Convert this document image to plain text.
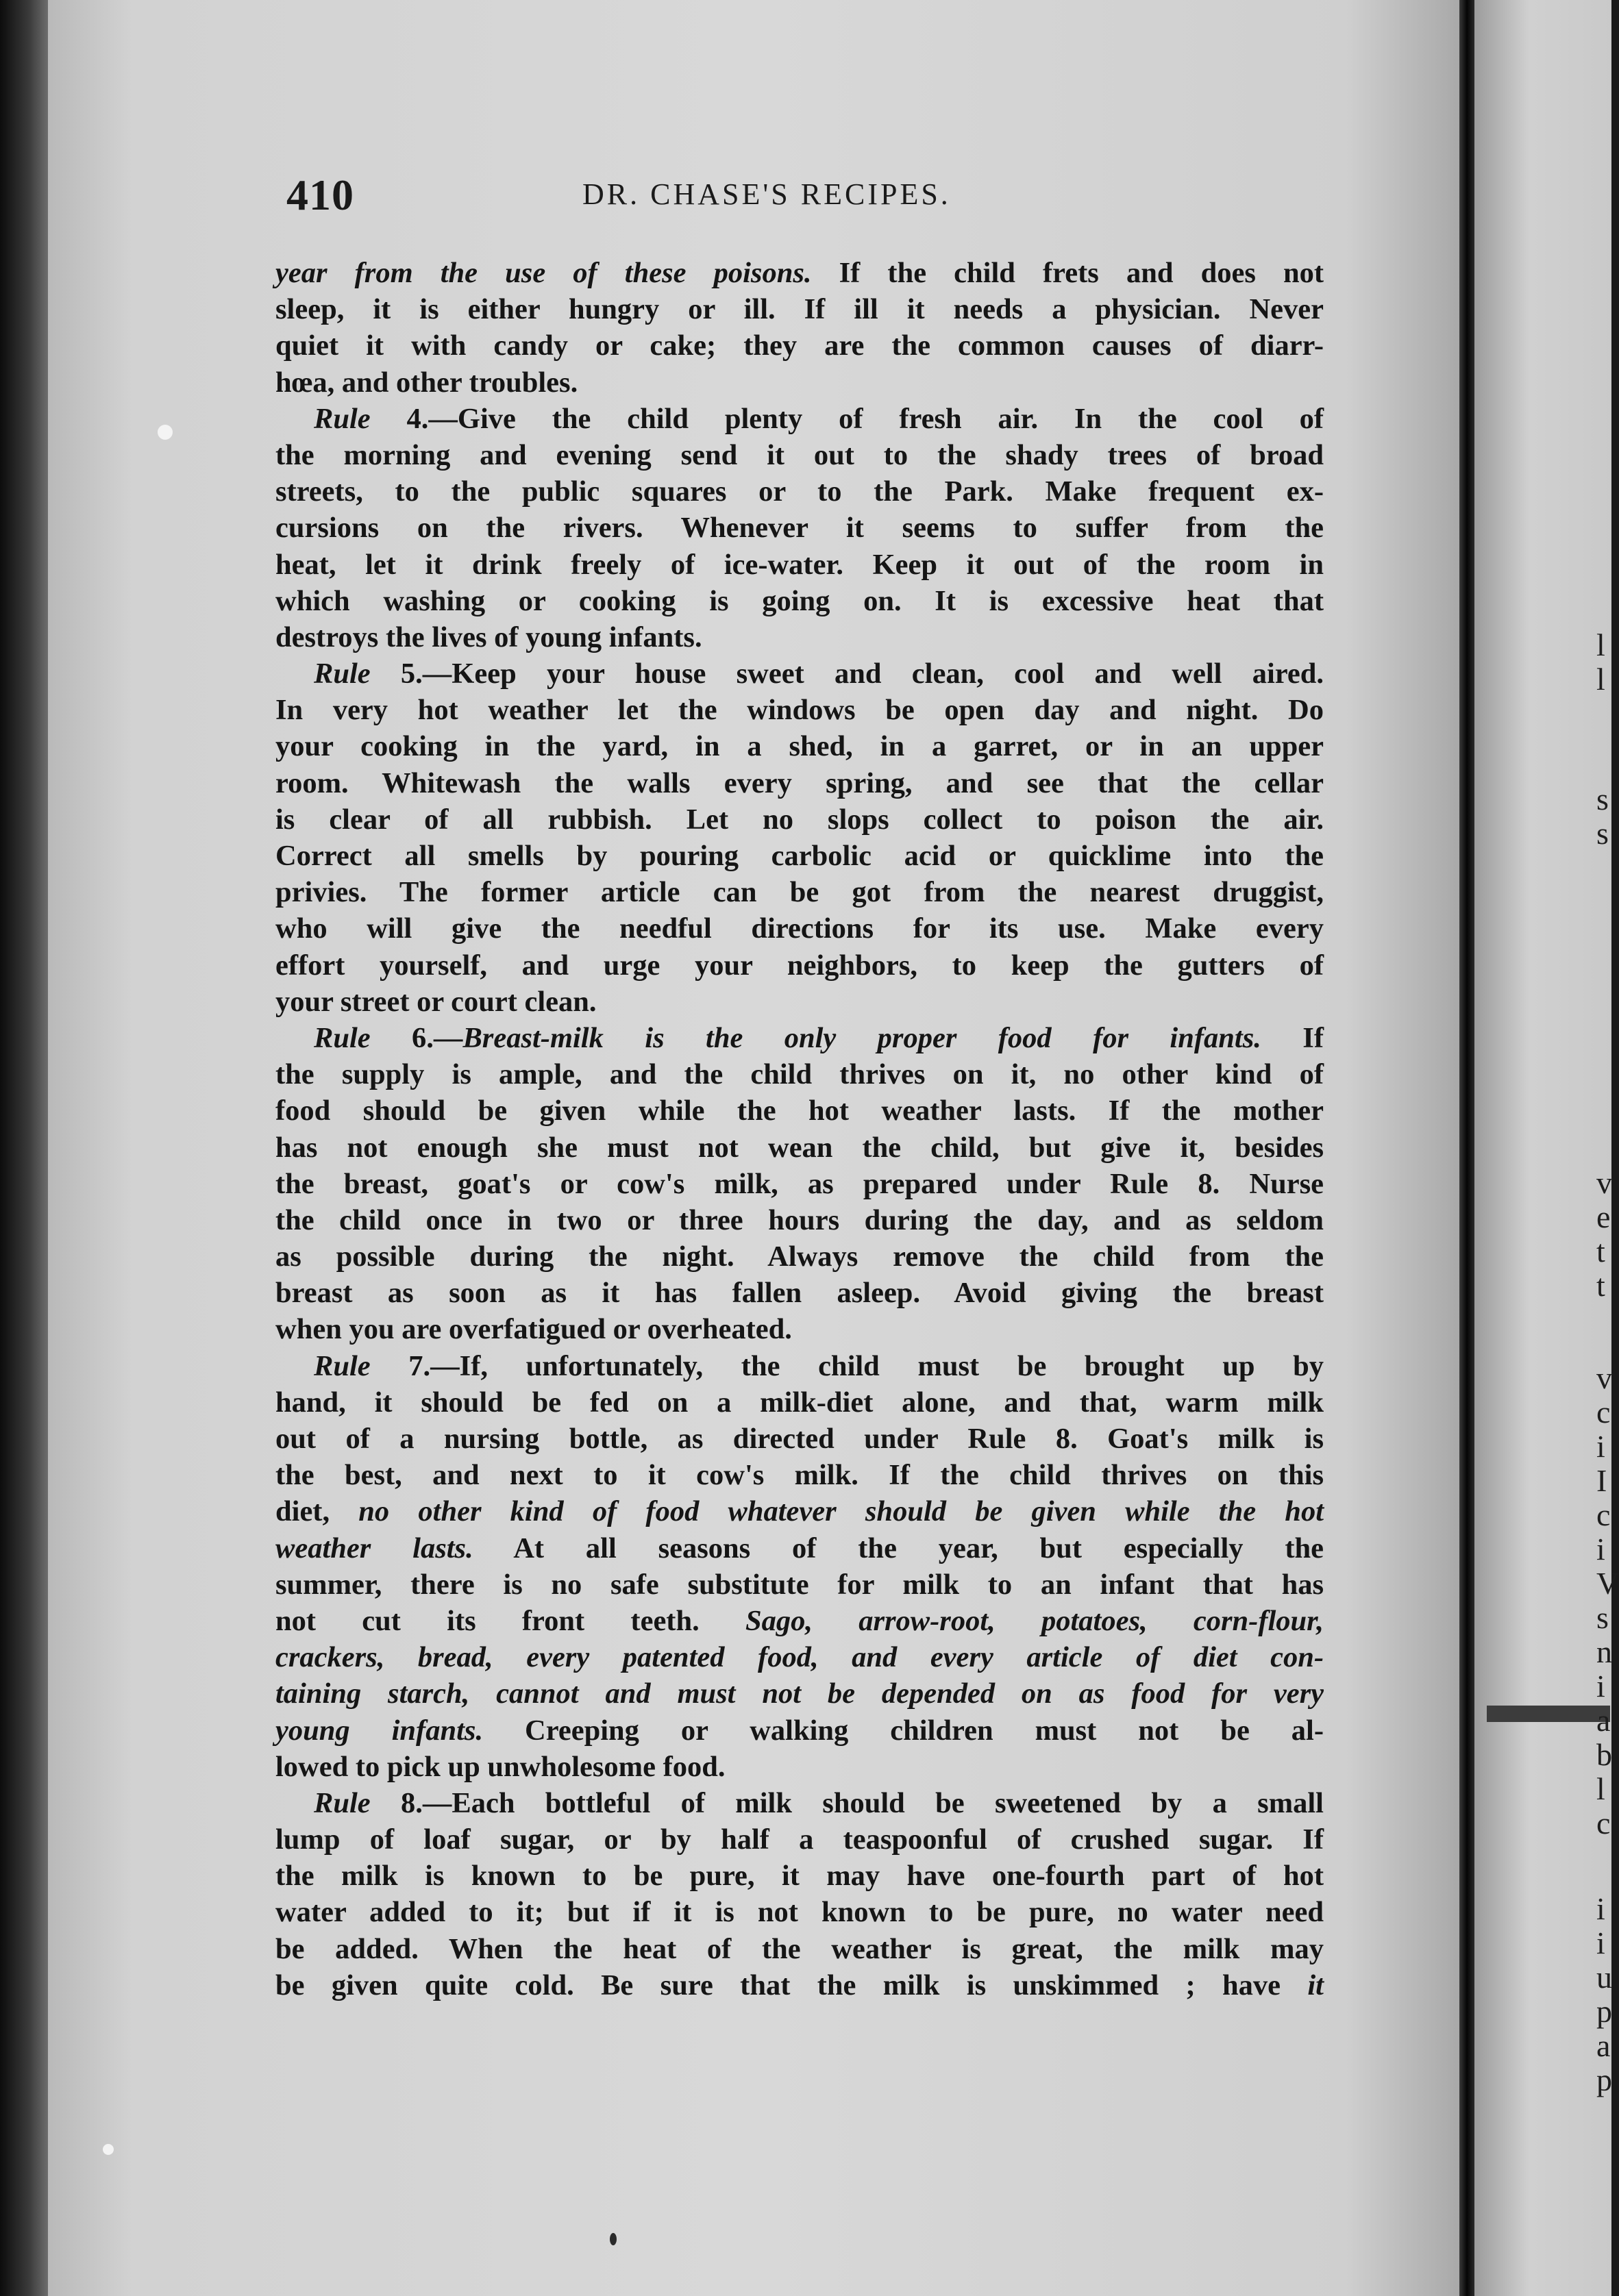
410	DR. CHASE'S RECIPES.
year from the use of these poisons. If the child frets and does not
sleep, it is either hungry or ill. If ill it needs a physician. Never
quiet it with candy or cake; they are the common causes of diarr-
hœa, and other troubles.
Rule 4.—Give the child plenty of fresh air. In the cool of
the morning and evening send it out to the shady trees of broad
streets, to the public squares or to the Park. Make frequent ex-
cursions on the rivers. Whenever it seems to suffer from the
heat, let it drink freely of ice-water. Keep it out of the room in
which washing or cooking is going on. It is excessive heat that
destroys the lives of young infants.
Rule 5.—Keep your house sweet and clean, cool and well aired.
In very hot weather let the windows be open day and night. Do
your cooking in the yard, in a shed, in a garret, or in an upper
room. Whitewash the walls every spring, and see that the cellar
is clear of all rubbish. Let no slops collect to poison the air.
Correct all smells by pouring carbolic acid or quicklime into the
privies. The former article can be got from the nearest druggist,
who will give the needful directions for its use. Make every
effort yourself, and urge your neighbors, to keep the gutters of
your street or court clean.
Rule 6.—Breast-milk is the only proper food for infants. If
the supply is ample, and the child thrives on it, no other kind of
food should be given while the hot weather lasts. If the mother
has not enough she must not wean the child, but give it, besides
the breast, goat's or cow's milk, as prepared under Rule 8. Nurse
the child once in two or three hours during the day, and as seldom
as possible during the night. Always remove the child from the
breast as soon as it has fallen asleep. Avoid giving the breast
when you are overfatigued or overheated.
Rule 7.—If, unfortunately, the child must be brought up by
hand, it should be fed on a milk-diet alone, and that, warm milk
out of a nursing bottle, as directed under Rule 8. Goat's milk is
the best, and next to it cow's milk. If the child thrives on this
diet, no other kind of food whatever should be given while the hot
weather lasts. At all seasons of the year, but especially the
summer, there is no safe substitute for milk to an infant that has
not cut its front teeth. Sago, arrow-root, potatoes, corn-flour,
crackers, bread, every patented food, and every article of diet con-
taining starch, cannot and must not be depended on as food for very
young infants. Creeping or walking children must not be al-
lowed to pick up unwholesome food.
Rule 8.—Each bottleful of milk should be sweetened by a small
lump of loaf sugar, or by half a teaspoonful of crushed sugar. If
the milk is known to be pure, it may have one-fourth part of hot
water added to it; but if it is not known to be pure, no water need
be added. When the heat of the weather is great, the milk may
be given quite cold. Be sure that the milk is unskimmed ; have it
l
l
s
s
v
e
t
t
v
c
i
I
c
i
V
s
n
i
a
b
l
c
i
i
u
p
a
p
